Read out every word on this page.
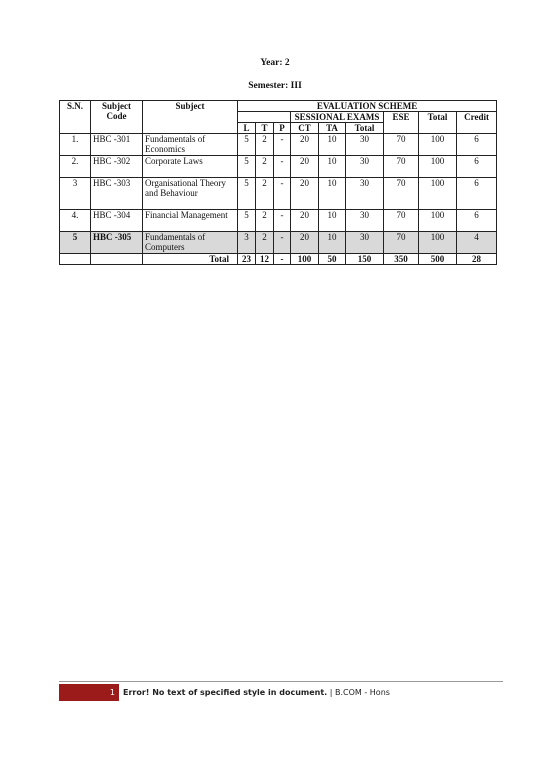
Year: 2
Semester: III
S.N.	Subject Code	Subject	EVALUATION SCHEME								
						SESSIONAL EXAMS			ESE	Total	Credit
			L	T	P	CT	TA	Total			
1.	HBC -301	Fundamentals of Economics	5	2	-	20	10	30	70	100	6
2.	HBC -302	Corporate Laws	5	2	-	20	10	30	70	100	6
3	HBC -303	Organisational Theory and Behaviour	5	2	-	20	10	30	70	100	6
4.	HBC -304	Financial Management	5	2	-	20	10	30	70	100	6
5	HBC -305	Fundamentals of Computers	3	2	-	20	10	30	70	100	4
		Total	23	12	-	100	50	150	350	500	28
1	Error! No text of specified style in document. | B.COM - Hons
